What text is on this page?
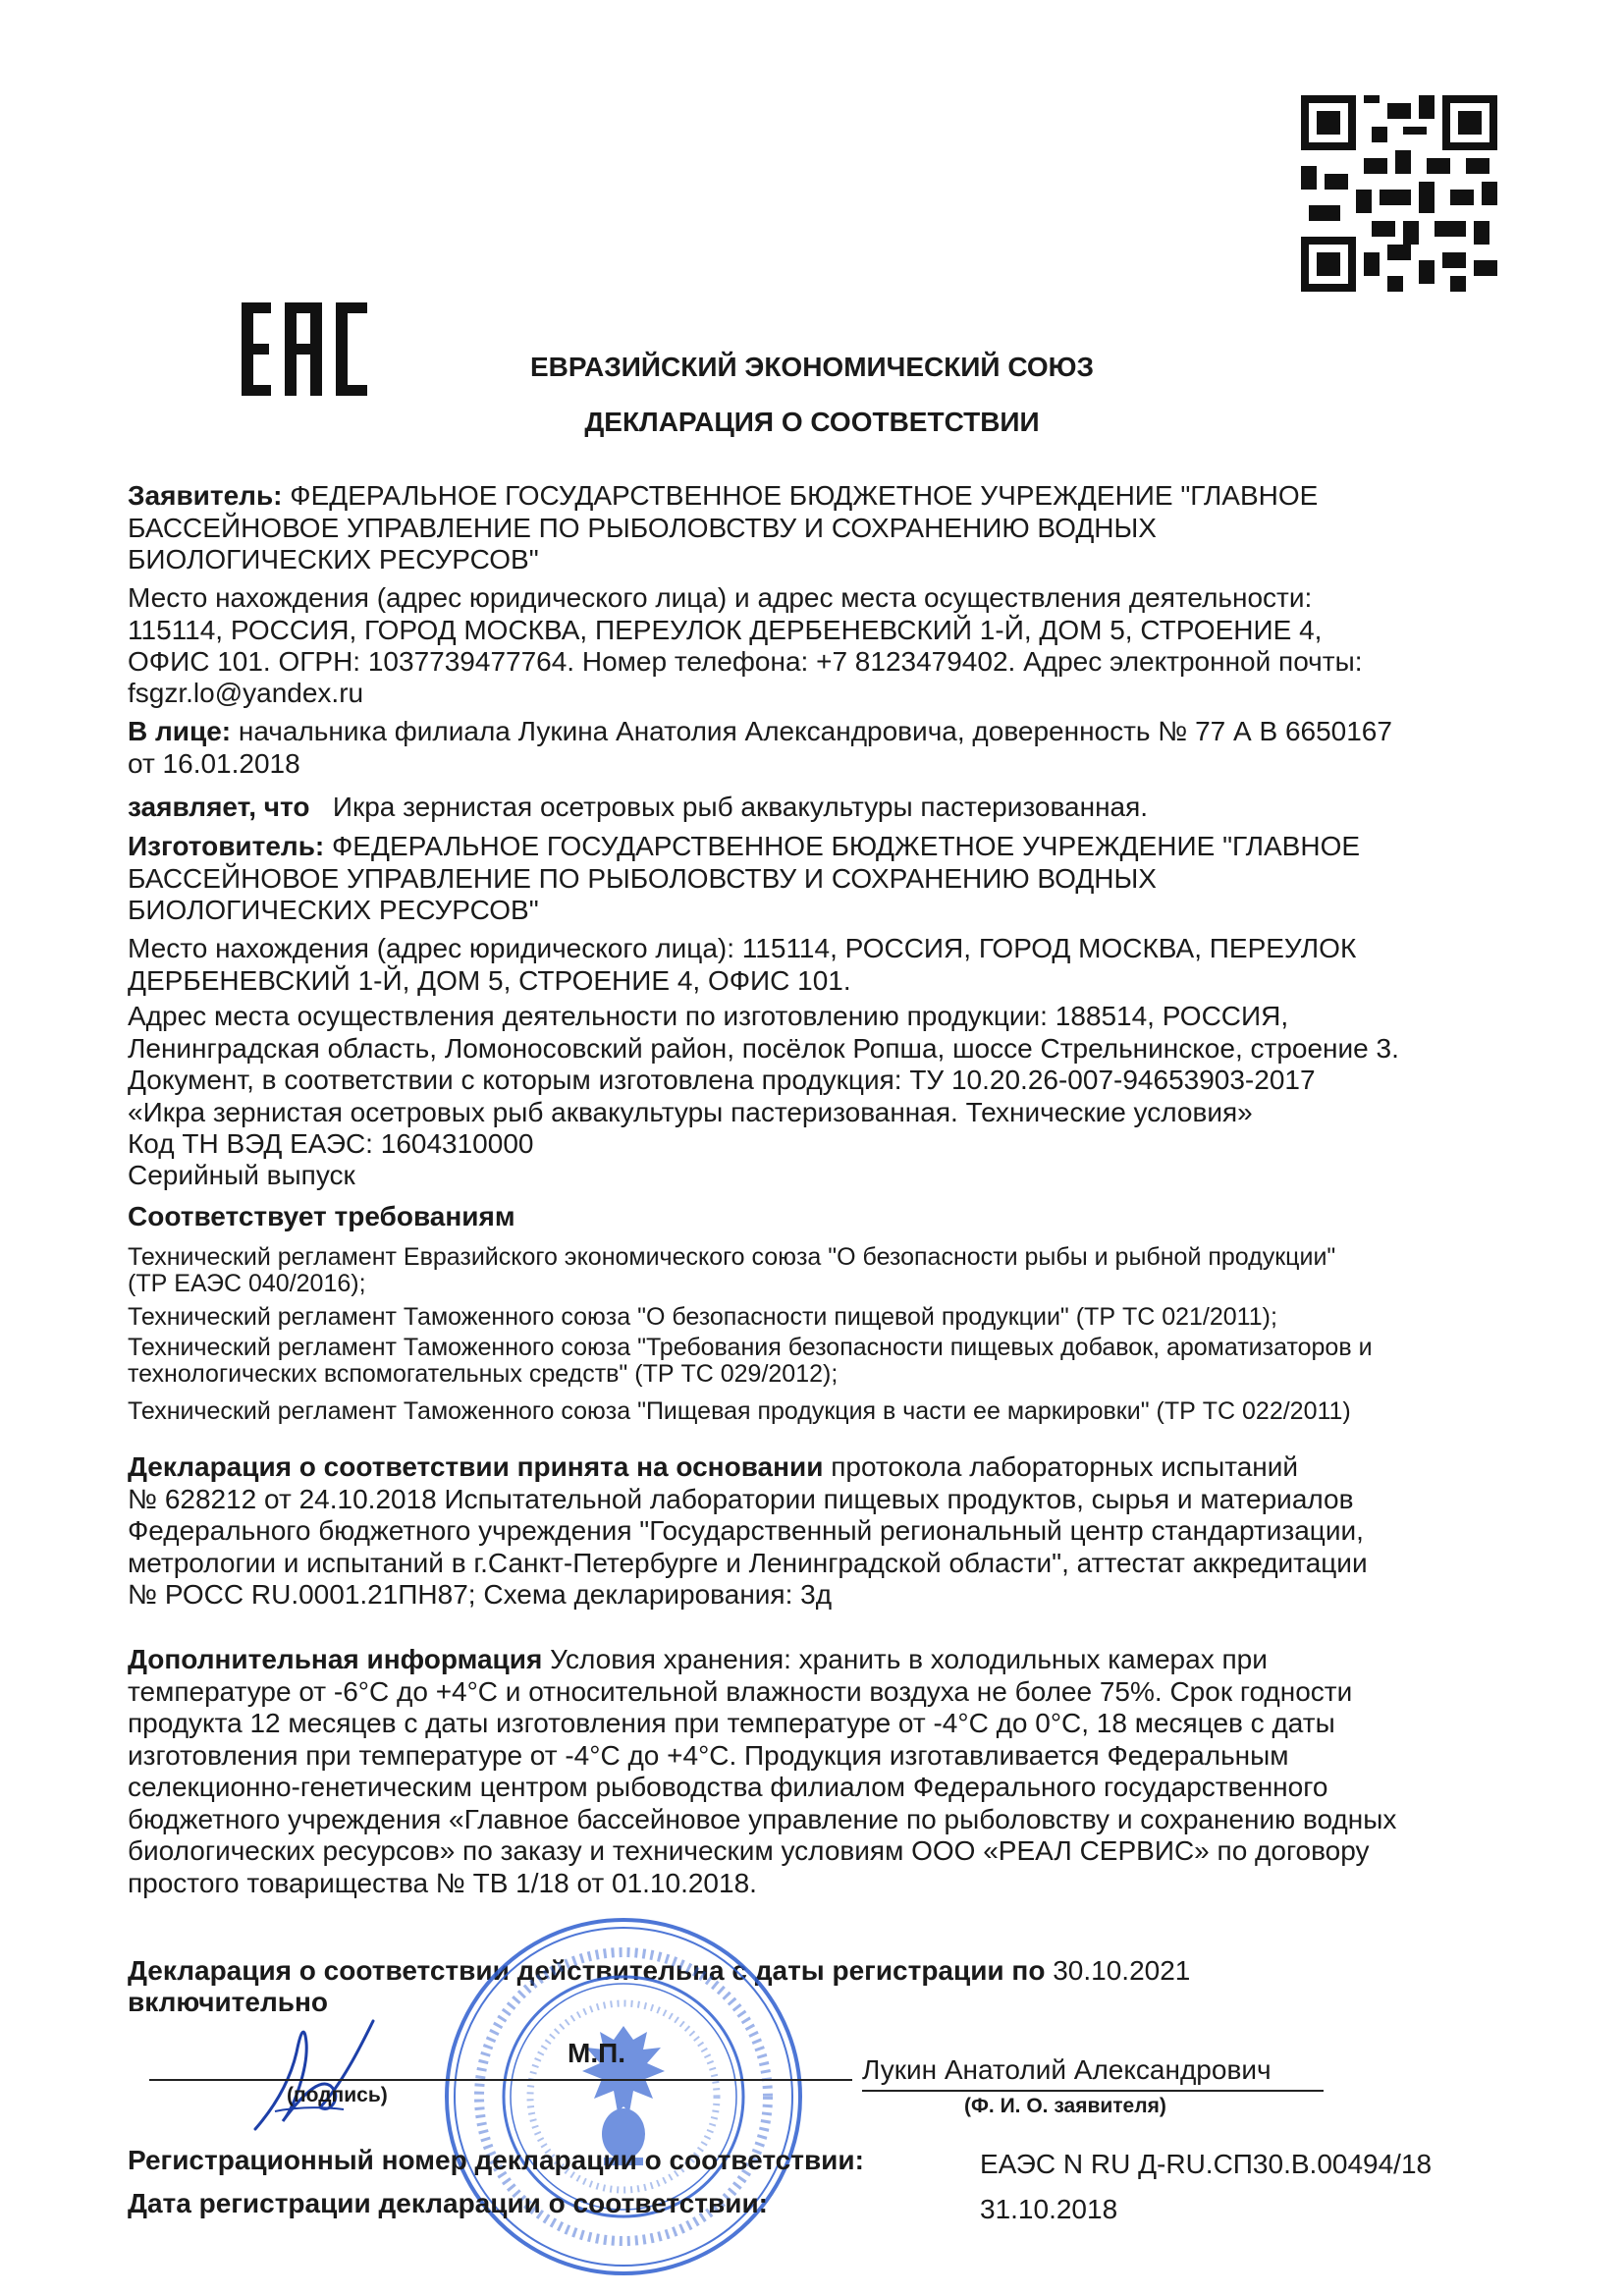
ЕВРАЗИЙСКИЙ ЭКОНОМИЧЕСКИЙ СОЮЗ
ДЕКЛАРАЦИЯ О СООТВЕТСТВИИ
Заявитель: ФЕДЕРАЛЬНОЕ ГОСУДАРСТВЕННОЕ БЮДЖЕТНОЕ УЧРЕЖДЕНИЕ "ГЛАВНОЕ
БАССЕЙНОВОЕ УПРАВЛЕНИЕ ПО РЫБОЛОВСТВУ И СОХРАНЕНИЮ ВОДНЫХ
БИОЛОГИЧЕСКИХ РЕСУРСОВ"
Место нахождения (адрес юридического лица) и адрес места осуществления деятельности:
115114, РОССИЯ, ГОРОД МОСКВА, ПЕРЕУЛОК ДЕРБЕНЕВСКИЙ 1-Й, ДОМ 5, СТРОЕНИЕ 4,
ОФИС 101. ОГРН: 1037739477764. Номер телефона: +7 8123479402. Адрес электронной почты:
fsgzr.lo@yandex.ru
В лице: начальника филиала Лукина Анатолия Александровича, доверенность № 77 А В 6650167
от 16.01.2018
заявляет, что Икра зернистая осетровых рыб аквакультуры пастеризованная.
Изготовитель: ФЕДЕРАЛЬНОЕ ГОСУДАРСТВЕННОЕ БЮДЖЕТНОЕ УЧРЕЖДЕНИЕ "ГЛАВНОЕ
БАССЕЙНОВОЕ УПРАВЛЕНИЕ ПО РЫБОЛОВСТВУ И СОХРАНЕНИЮ ВОДНЫХ
БИОЛОГИЧЕСКИХ РЕСУРСОВ"
Место нахождения (адрес юридического лица): 115114, РОССИЯ, ГОРОД МОСКВА, ПЕРЕУЛОК
ДЕРБЕНЕВСКИЙ 1-Й, ДОМ 5, СТРОЕНИЕ 4, ОФИС 101.
Адрес места осуществления деятельности по изготовлению продукции: 188514, РОССИЯ,
Ленинградская область, Ломоносовский район, посёлок Ропша, шоссе Стрельнинское, строение 3.
Документ, в соответствии с которым изготовлена продукция: ТУ 10.20.26-007-94653903-2017
«Икра зернистая осетровых рыб аквакультуры пастеризованная. Технические условия»
Код ТН ВЭД ЕАЭС: 1604310000
Серийный выпуск
Соответствует требованиям
Технический регламент Евразийского экономического союза "О безопасности рыбы и рыбной продукции"
(ТР ЕАЭС 040/2016);
Технический регламент Таможенного союза "О безопасности пищевой продукции" (ТР ТС 021/2011);
Технический регламент Таможенного союза "Требования безопасности пищевых добавок, ароматизаторов и
технологических вспомогательных средств" (ТР ТС 029/2012);
Технический регламент Таможенного союза "Пищевая продукция в части ее маркировки" (ТР ТС 022/2011)
Декларация о соответствии принята на основании протокола лабораторных испытаний
№ 628212 от 24.10.2018 Испытательной лаборатории пищевых продуктов, сырья и материалов
Федерального бюджетного учреждения "Государственный региональный центр стандартизации,
метрологии и испытаний в г.Санкт-Петербурге и Ленинградской области", аттестат аккредитации
№ РОСС RU.0001.21ПН87; Схема декларирования: 3д
Дополнительная информация Условия хранения: хранить в холодильных камерах при
температуре от -6°С до +4°С и относительной влажности воздуха не более 75%. Срок годности
продукта 12 месяцев с даты изготовления при температуре от -4°С до 0°С, 18 месяцев с даты
изготовления при температуре от -4°С до +4°С. Продукция изготавливается Федеральным
селекционно-генетическим центром рыбоводства филиалом Федерального государственного
бюджетного учреждения «Главное бассейновое управление по рыболовству и сохранению водных
биологических ресурсов» по заказу и техническим условиям ООО «РЕАЛ СЕРВИС» по договору
простого товарищества № ТВ 1/18 от 01.10.2018.
Декларация о соответствии действительна с даты регистрации по 30.10.2021
включительно
М.П.
(подпись)
Лукин Анатолий Александрович
(Ф. И. О. заявителя)
Регистрационный номер декларации о соответствии:	ЕАЭС N RU Д-RU.СП30.В.00494/18
Дата регистрации декларации о соответствии:	31.10.2018
